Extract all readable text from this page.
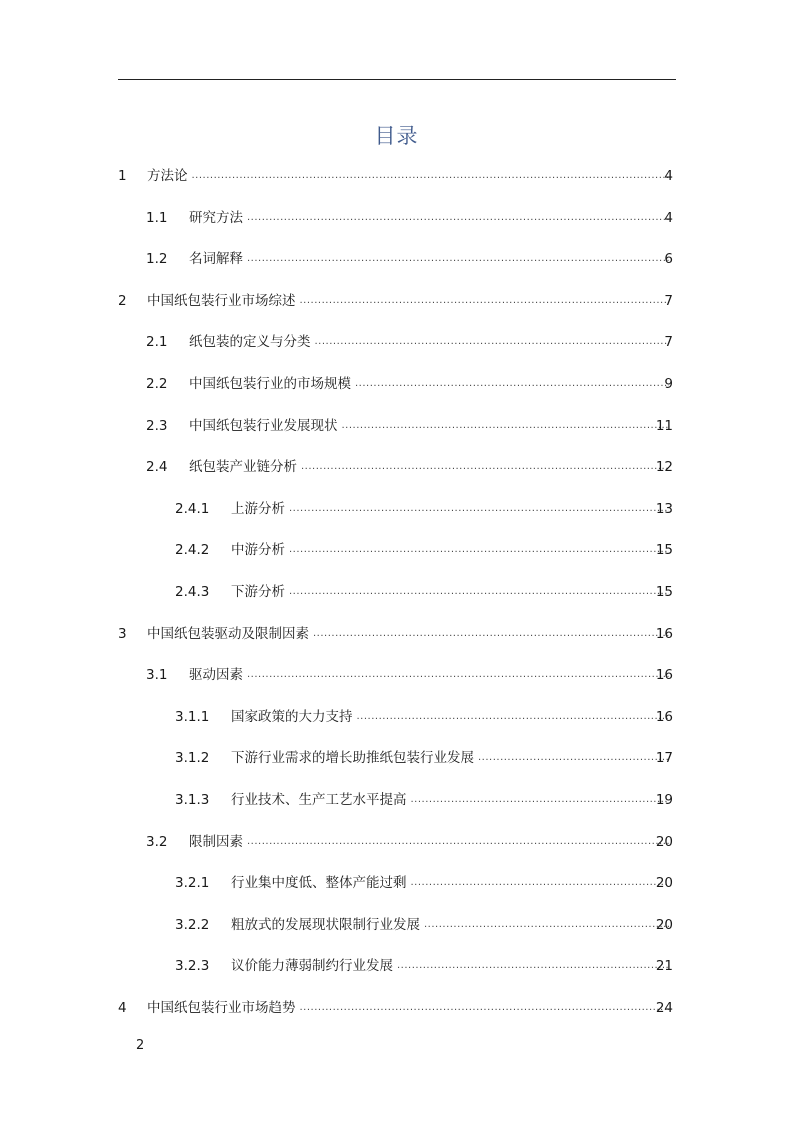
目录
1 ..... 方法论	4
1.1 ..... 研究方法	4
1.2 ..... 名词解释	6
2 ..... 中国纸包装行业市场综述	7
2.1 ..... 纸包装的定义与分类	7
2.2 ..... 中国纸包装行业的市场规模	9
2.3 ..... 中国纸包装行业发展现状	11
2.4 ..... 纸包装产业链分析	12
2.4.1 ..... 上游分析	13
2.4.2 ..... 中游分析	15
2.4.3 ..... 下游分析	15
3 ..... 中国纸包装驱动及限制因素	16
3.1 ..... 驱动因素	16
3.1.1 ..... 国家政策的大力支持	16
3.1.2 ..... 下游行业需求的增长助推纸包装行业发展	17
3.1.3 ..... 行业技术、生产工艺水平提高	19
3.2 ..... 限制因素	20
3.2.1 ..... 行业集中度低、整体产能过剩	20
3.2.2 ..... 粗放式的发展现状限制行业发展	20
3.2.3 ..... 议价能力薄弱制约行业发展	21
4 ..... 中国纸包装行业市场趋势	24
2
